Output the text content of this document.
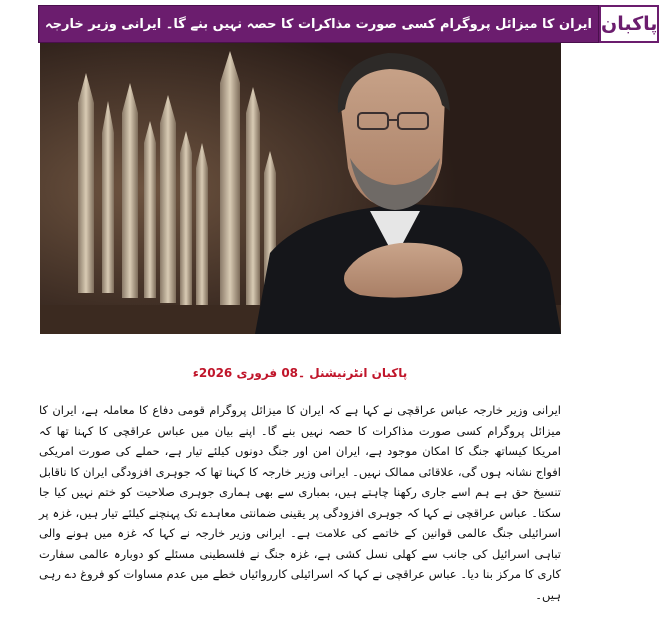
ایران کا میزائل پروگرام کسی صورت مذاکرات کا حصہ نہیں بنے گا۔ ایرانی وزیر خارجہ پاکبان
پاکبان انٹرنیشنل ۔08 فروری 2026ء
ایرانی وزیر خارجہ عباس عراقچی نے کہا ہے کہ ایران کا میزائل پروگرام قومی دفاع کا معاملہ ہے، ایران کا میزائل پروگرام کسی صورت مذاکرات کا حصہ نہیں بنے گا۔ اپنے بیان میں عباس عراقچی کا کہنا تھا کہ امریکا کیساتھ جنگ کا امکان موجود ہے، ایران امن اور جنگ دونوں کیلئے تیار ہے، حملے کی صورت امریکی افواج نشانہ ہوں گی، علاقائی ممالک نہیں۔ ایرانی وزیر خارجہ کا کہنا تھا کہ جوہری افزودگی ایران کا ناقابل تنسیخ حق ہے ہم اسے جاری رکھنا چاہتے ہیں، بمباری سے بھی ہماری جوہری صلاحیت کو ختم نہیں کیا جا سکتا۔ عباس عراقچی نے کہا کہ جوہری افزودگی پر یقینی ضمانتی معاہدے تک پہنچنے کیلئے تیار ہیں، غزہ پر اسرائیلی جنگ عالمی قوانین کے خاتمے کی علامت ہے۔ ایرانی وزیر خارجہ نے کہا کہ غزہ میں ہونے والی تباہی اسرائیل کی جانب سے کھلی نسل کشی ہے، غزہ جنگ نے فلسطینی مسئلے کو دوبارہ عالمی سفارت کاری کا مرکز بنا دیا۔ عباس عراقچی نے کہا کہ اسرائیلی کارروائیاں خطے میں عدم مساوات کو فروغ دے رہی ہیں۔
